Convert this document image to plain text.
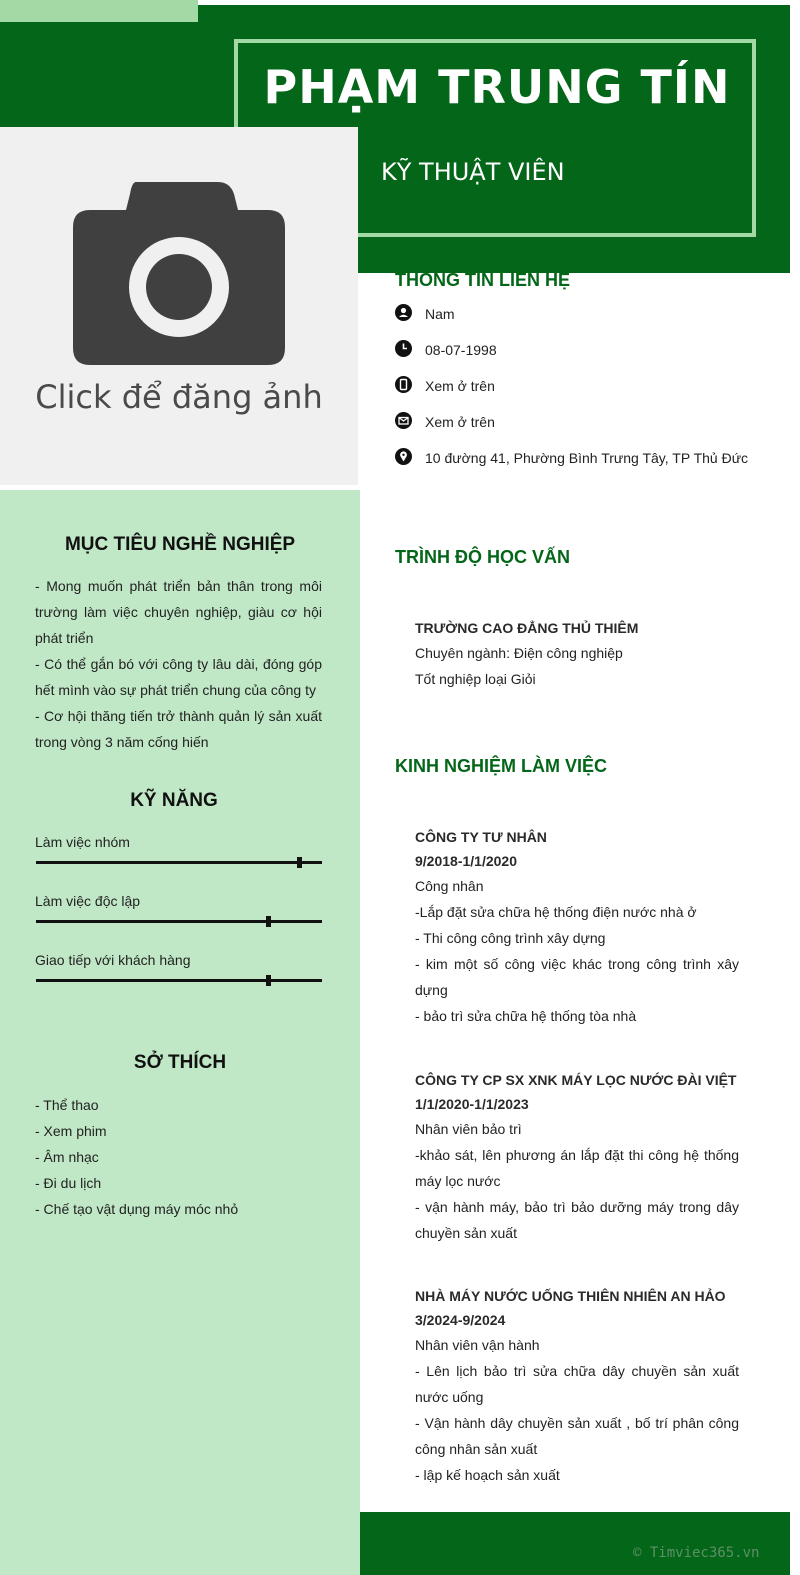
PHẠM TRUNG TÍN
KỸ THUẬT VIÊN
Click để đăng ảnh
MỤC TIÊU NGHỀ NGHIỆP
- Mong muốn phát triển bản thân trong môi trường làm việc chuyên nghiệp, giàu cơ hội phát triển
- Có thể gắn bó với công ty lâu dài, đóng góp hết mình vào sự phát triển chung của công ty
- Cơ hội thăng tiến trở thành quản lý sản xuất trong vòng 3 năm cống hiến
KỸ NĂNG
Làm việc nhóm
Làm việc độc lập
Giao tiếp với khách hàng
SỞ THÍCH
- Thể thao
- Xem phim
- Âm nhạc
- Đi du lịch
- Chế tạo vật dụng máy móc nhỏ
THÔNG TIN LIÊN HỆ
Nam
08-07-1998
Xem ở trên
Xem ở trên
10 đường 41, Phường Bình Trưng Tây, TP Thủ Đức
TRÌNH ĐỘ HỌC VẤN
TRƯỜNG CAO ĐẲNG THỦ THIÊM
Chuyên ngành: Điện công nghiệp
Tốt nghiệp loại Giỏi
KINH NGHIỆM LÀM VIỆC
CÔNG TY TƯ NHÂN
9/2018-1/1/2020
Công nhân
-Lắp đặt sửa chữa hệ thống điện nước nhà ở
- Thi công công trình xây dựng
- kim một số công việc khác trong công trình xây dựng
- bảo trì sửa chữa hệ thống tòa nhà
CÔNG TY CP SX XNK MÁY LỌC NƯỚC ĐÀI VIỆT
1/1/2020-1/1/2023
Nhân viên bảo trì
-khảo sát, lên phương án lắp đặt thi công hệ thống máy lọc nước
- vận hành máy, bảo trì bảo dưỡng máy trong dây chuyền sản xuất
NHÀ MÁY NƯỚC UỐNG THIÊN NHIÊN AN HẢO
3/2024-9/2024
Nhân viên vận hành
- Lên lịch bảo trì sửa chữa dây chuyền sản xuất nước uống
- Vận hành dây chuyền sản xuất , bố trí phân công công nhân sản xuất
- lập kế hoạch sản xuất
© Timviec365.vn
